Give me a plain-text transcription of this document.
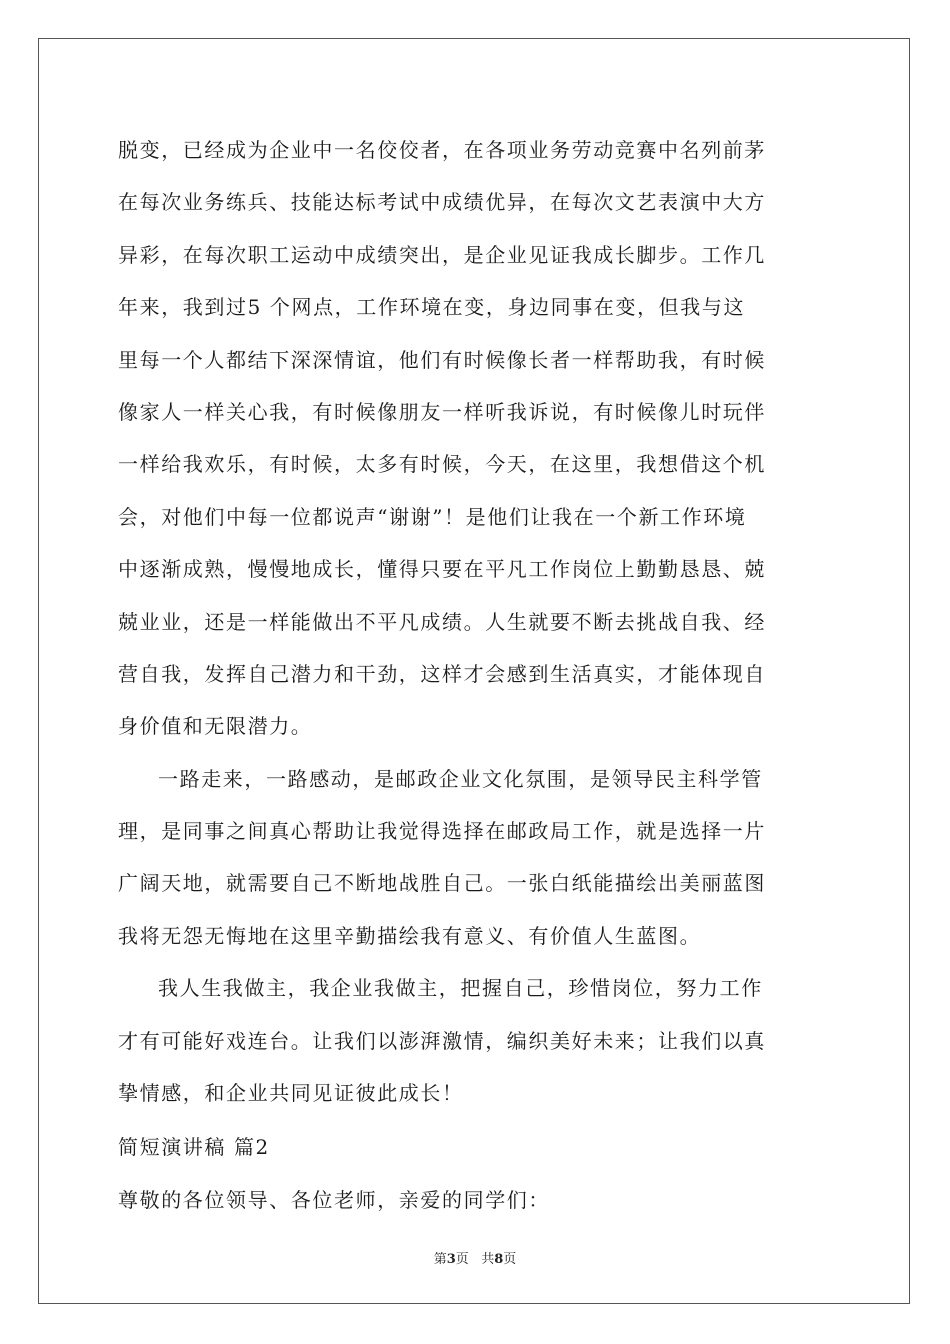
脱变，已经成为企业中一名佼佼者，在各项业务劳动竞赛中名列前茅
在每次业务练兵、技能达标考试中成绩优异，在每次文艺表演中大方
异彩，在每次职工运动中成绩突出，是企业见证我成长脚步。工作几
年来，我到过5 个网点，工作环境在变，身边同事在变，但我与这
里每一个人都结下深深情谊，他们有时候像长者一样帮助我，有时候
像家人一样关心我，有时候像朋友一样听我诉说，有时候像儿时玩伴
一样给我欢乐，有时候，太多有时候，今天，在这里，我想借这个机
会，对他们中每一位都说声“谢谢”！是他们让我在一个新工作环境
中逐渐成熟，慢慢地成长，懂得只要在平凡工作岗位上勤勤恳恳、兢
兢业业，还是一样能做出不平凡成绩。人生就要不断去挑战自我、经
营自我，发挥自己潜力和干劲，这样才会感到生活真实，才能体现自
身价值和无限潜力。
一路走来，一路感动，是邮政企业文化氛围，是领导民主科学管
理，是同事之间真心帮助让我觉得选择在邮政局工作，就是选择一片
广阔天地，就需要自己不断地战胜自己。一张白纸能描绘出美丽蓝图
我将无怨无悔地在这里辛勤描绘我有意义、有价值人生蓝图。
我人生我做主，我企业我做主，把握自己，珍惜岗位，努力工作
才有可能好戏连台。让我们以澎湃激情，编织美好未来；让我们以真
挚情感，和企业共同见证彼此成长！
简短演讲稿 篇2
尊敬的各位领导、各位老师，亲爱的同学们：
第3页   共8页
